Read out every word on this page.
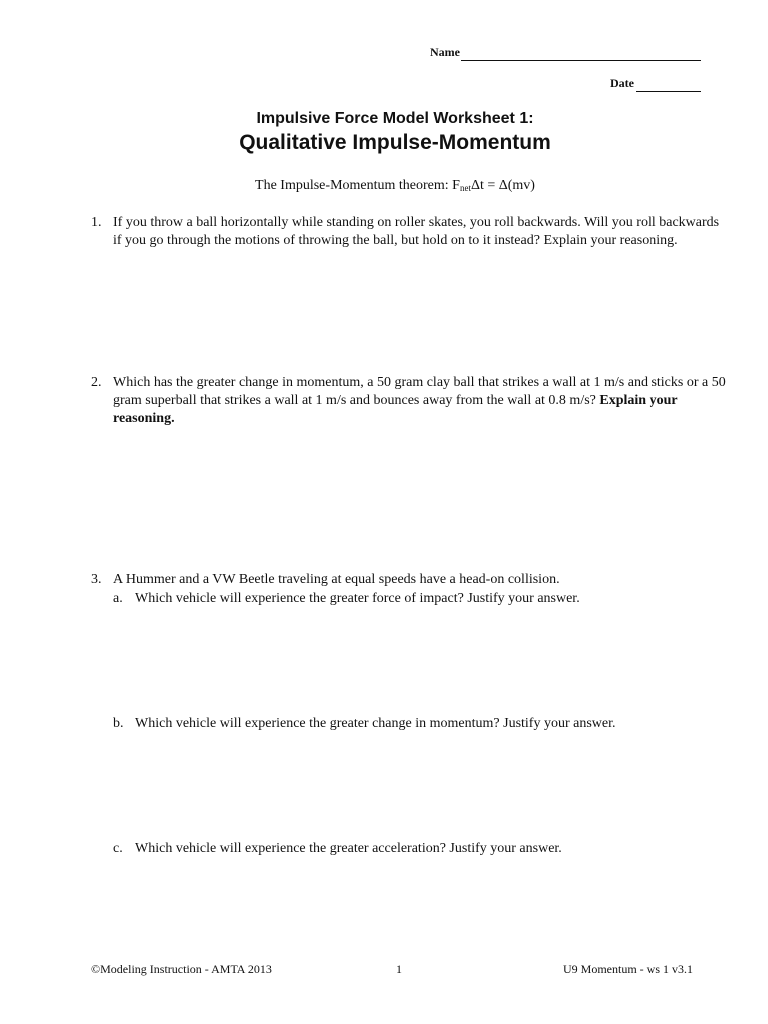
Name
Date
Impulsive Force Model Worksheet 1:
Qualitative Impulse-Momentum
The Impulse-Momentum theorem: $F_{net}\Delta t = \Delta(mv)$
1. If you throw a ball horizontally while standing on roller skates, you roll backwards. Will you roll backwards if you go through the motions of throwing the ball, but hold on to it instead? Explain your reasoning.
2. Which has the greater change in momentum, a 50 gram clay ball that strikes a wall at 1 m/s and sticks or a 50 gram superball that strikes a wall at 1 m/s and bounces away from the wall at 0.8 m/s? Explain your reasoning.
3. A Hummer and a VW Beetle traveling at equal speeds have a head-on collision.
a. Which vehicle will experience the greater force of impact? Justify your answer.
b. Which vehicle will experience the greater change in momentum? Justify your answer.
c. Which vehicle will experience the greater acceleration? Justify your answer.
©Modeling Instruction - AMTA 2013	1	U9 Momentum - ws 1 v3.1
